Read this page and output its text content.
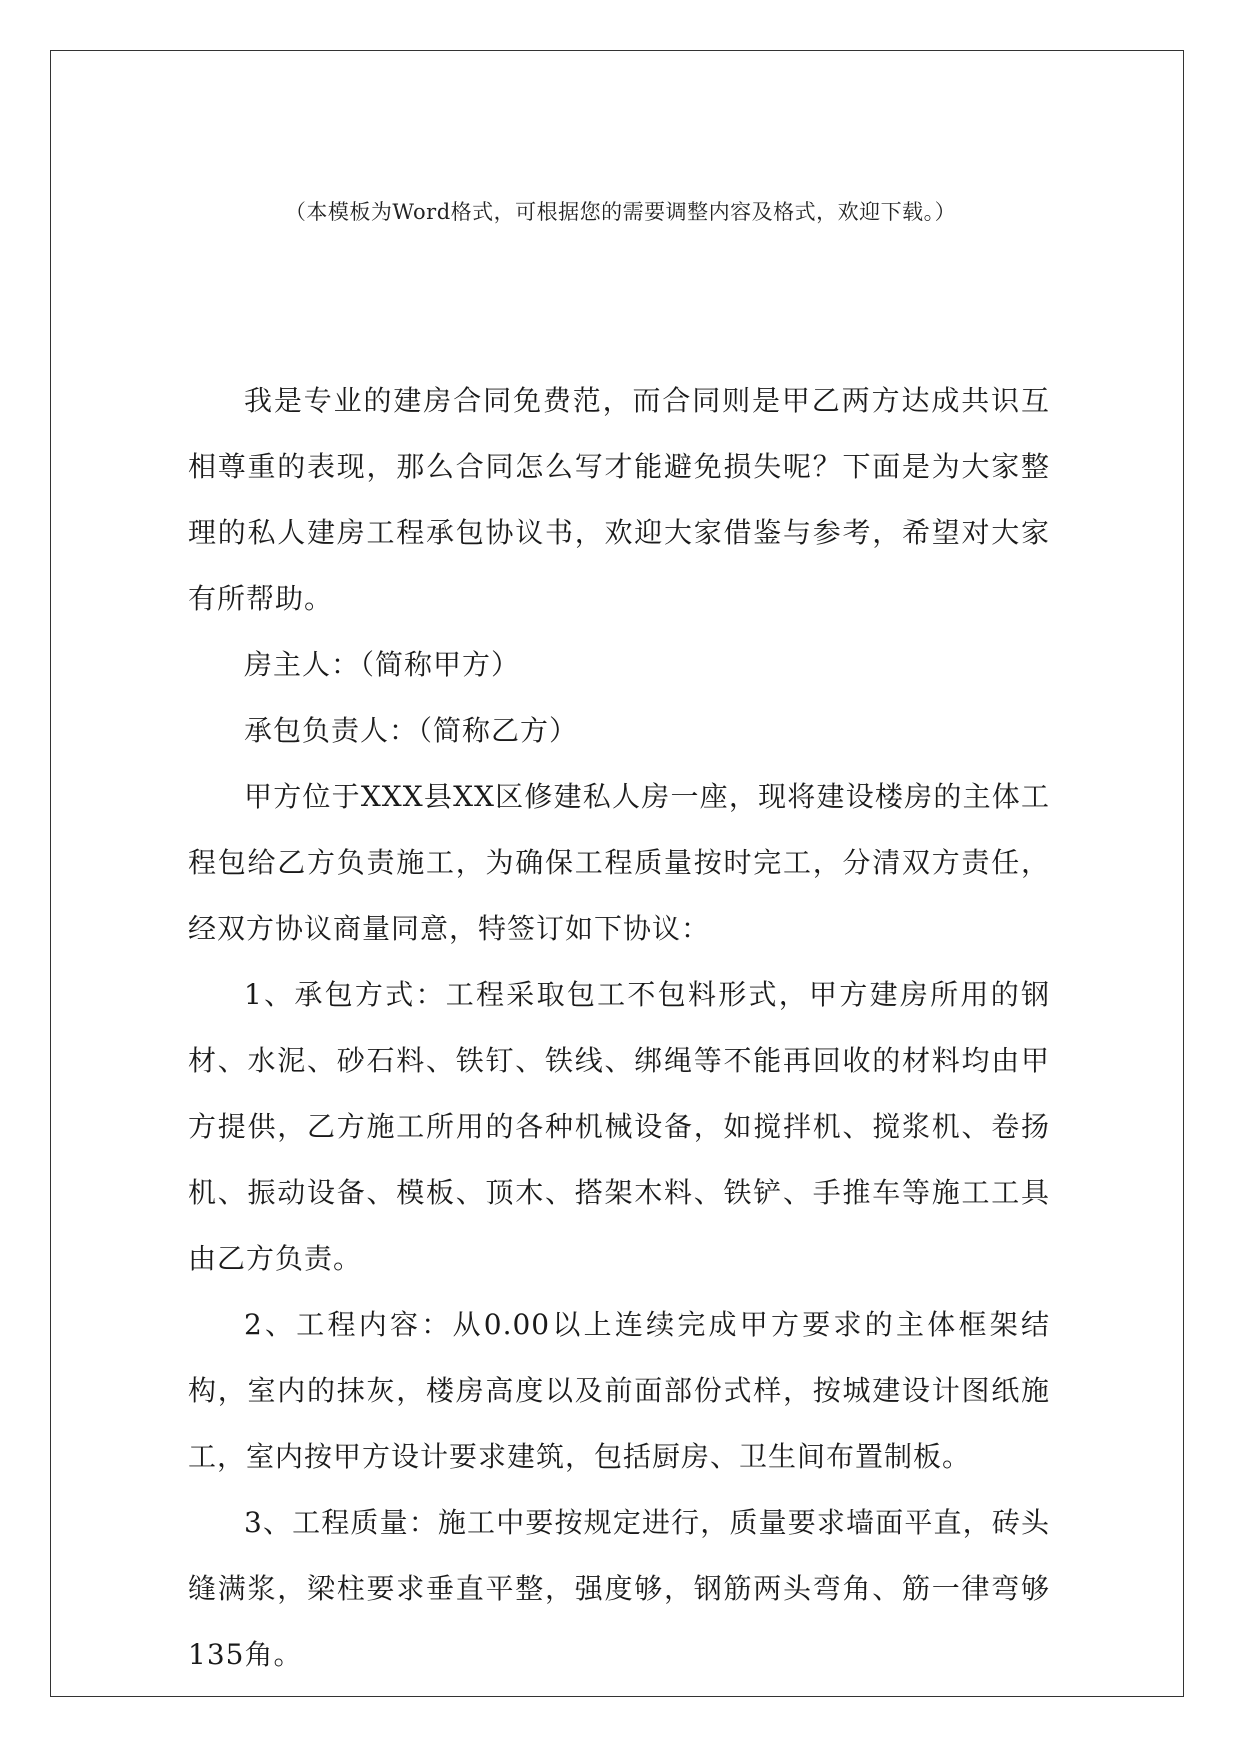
（本模板为Word格式，可根据您的需要调整内容及格式，欢迎下载。）

我是专业的建房合同免费范，而合同则是甲乙两方达成共识互相尊重的表现，那么合同怎么写才能避免损失呢？下面是为大家整理的私人建房工程承包协议书，欢迎大家借鉴与参考，希望对大家有所帮助。

房主人：（简称甲方）

承包负责人：（简称乙方）

甲方位于XXX县XX区修建私人房一座，现将建设楼房的主体工程包给乙方负责施工，为确保工程质量按时完工，分清双方责任，经双方协议商量同意，特签订如下协议：

1、承包方式：工程采取包工不包料形式，甲方建房所用的钢材、水泥、砂石料、铁钉、铁线、绑绳等不能再回收的材料均由甲方提供，乙方施工所用的各种机械设备，如搅拌机、搅浆机、卷扬机、振动设备、模板、顶木、搭架木料、铁铲、手推车等施工工具由乙方负责。

2、工程内容：从0.00以上连续完成甲方要求的主体框架结构，室内的抹灰，楼房高度以及前面部份式样，按城建设计图纸施工，室内按甲方设计要求建筑，包括厨房、卫生间布置制板。

3、工程质量：施工中要按规定进行，质量要求墙面平直，砖头缝满浆，梁柱要求垂直平整，强度够，钢筋两头弯角、筋一律弯够135角。
